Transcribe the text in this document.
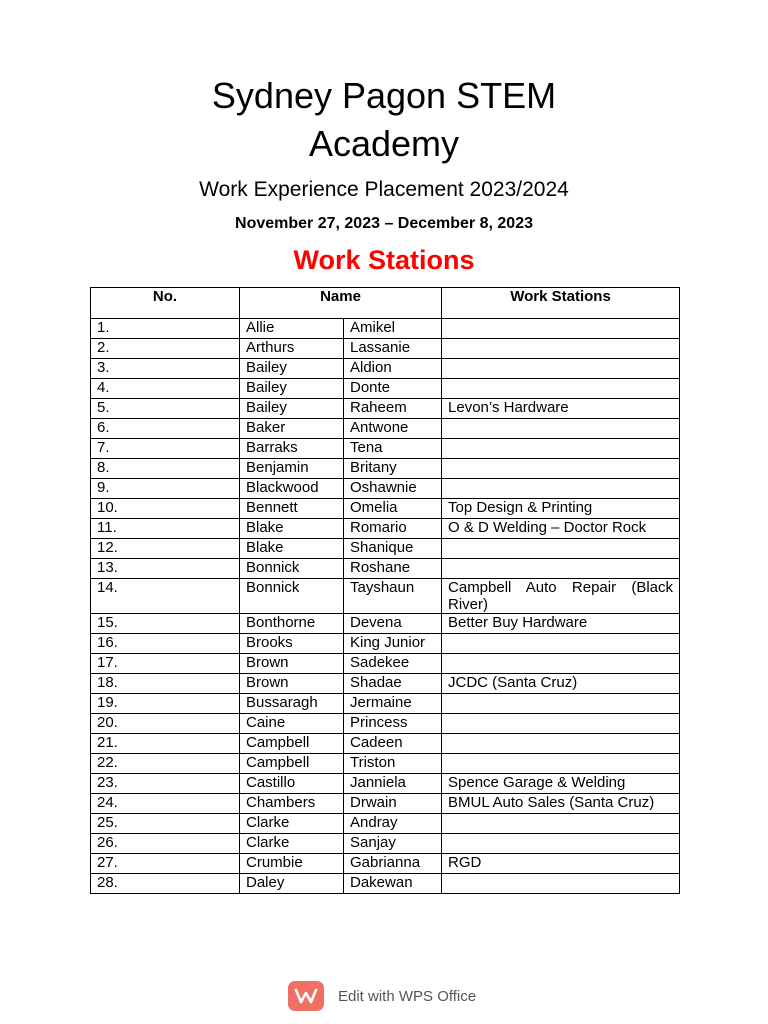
Sydney Pagon STEM
Academy
Work Experience Placement 2023/2024
November 27, 2023 – December 8, 2023
Work Stations
No.	Name		Work Stations
1.	Allie	Amikel	
2.	Arthurs	Lassanie	
3.	Bailey	Aldion	
4.	Bailey	Donte	
5.	Bailey	Raheem	Levon’s Hardware
6.	Baker	Antwone	
7.	Barraks	Tena	
8.	Benjamin	Britany	
9.	Blackwood	Oshawnie	
10.	Bennett	Omelia	Top Design & Printing
11.	Blake	Romario	O & D Welding – Doctor Rock
12.	Blake	Shanique	
13.	Bonnick	Roshane	
14.	Bonnick	Tayshaun	Campbell Auto Repair (Black River)
15.	Bonthorne	Devena	Better Buy Hardware
16.	Brooks	King Junior	
17.	Brown	Sadekee	
18.	Brown	Shadae	JCDC (Santa Cruz)
19.	Bussaragh	Jermaine	
20.	Caine	Princess	
21.	Campbell	Cadeen	
22.	Campbell	Triston	
23.	Castillo	Janniela	Spence Garage & Welding
24.	Chambers	Drwain	BMUL Auto Sales (Santa Cruz)
25.	Clarke	Andray	
26.	Clarke	Sanjay	
27.	Crumbie	Gabrianna	RGD
28.	Daley	Dakewan	
Edit with WPS Office
